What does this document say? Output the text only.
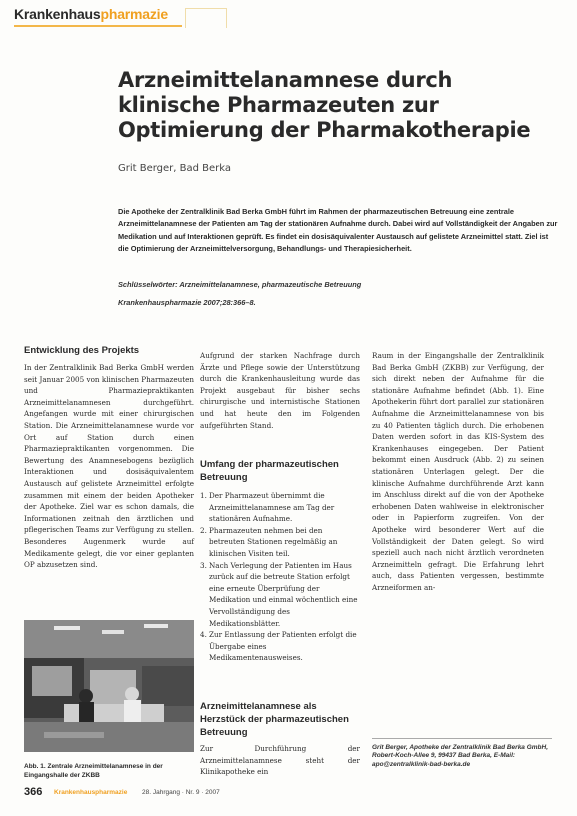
Krankenhauspharmazie
Arzneimittelanamnese durch klinische Pharmazeuten zur Optimierung der Pharmakotherapie
Grit Berger, Bad Berka

Die Apotheke der Zentralklinik Bad Berka GmbH führt im Rahmen der pharmazeutischen Betreuung eine zentrale Arzneimittelanamnese der Patienten am Tag der stationären Aufnahme durch. Dabei wird auf Vollständigkeit der Angaben zur Medikation und auf Interaktionen geprüft. Es findet ein dosisäquivalenter Austausch auf gelistete Arzneimittel statt. Ziel ist die Optimierung der Arzneimittelversorgung, Behandlungs- und Therapiesicherheit.

Schlüsselwörter: Arzneimittelanamnese, pharmazeutische Betreuung

Krankenhauspharmazie 2007;28:366–8.

Entwicklung des Projekts

In der Zentralklinik Bad Berka GmbH werden seit Januar 2005 von klinischen Pharmazeuten und Pharmaziepraktikanten Arzneimittelanamnesen durchgeführt. Angefangen wurde mit einer chirurgischen Station. Die Arzneimittelanamnese wurde vor Ort auf Station durch einen Pharmaziepraktikanten vorgenommen. Die Bewertung des Anamnesebogens bezüglich Interaktionen und dosisäquivalentem Austausch auf gelistete Arzneimittel erfolgte zusammen mit einem der beiden Apotheker der Apotheke. Ziel war es schon damals, die Informationen zeitnah den ärztlichen und pflegerischen Teams zur Verfügung zu stellen. Besonderes Augenmerk wurde auf Medikamente gelegt, die vor einer geplanten OP abzusetzen sind.

Abb. 1. Zentrale Arzneimittelanamnese in der Eingangshalle der ZKBB

Aufgrund der starken Nachfrage durch Ärzte und Pflege sowie der Unterstützung durch die Krankenhausleitung wurde das Projekt ausgebaut für bisher sechs chirurgische und internistische Stationen und hat heute den im Folgenden aufgeführten Stand.

Umfang der pharmazeutischen Betreuung
1. Der Pharmazeut übernimmt die Arzneimittelanamnese am Tag der stationären Aufnahme.
2. Pharmazeuten nehmen bei den betreuten Stationen regelmäßig an klinischen Visiten teil.
3. Nach Verlegung der Patienten im Haus zurück auf die betreute Station erfolgt eine erneute Überprüfung der Medikation und einmal wöchentlich eine Vervollständigung des Medikationsblätter.
4. Zur Entlassung der Patienten erfolgt die Übergabe eines Medikamentenausweises.
Arzneimittelanamnese als Herzstück der pharmazeutischen Betreuung

Zur Durchführung der Arzneimittelanamnese steht der Klinikapotheke ein

Raum in der Eingangshalle der Zentralklinik Bad Berka GmbH (ZKBB) zur Verfügung, der sich direkt neben der Aufnahme für die stationäre Aufnahme befindet (Abb. 1). Eine Apothekerin führt dort parallel zur stationären Aufnahme die Arzneimittelanamnese von bis zu 40 Patienten täglich durch. Die erhobenen Daten werden sofort in das KIS-System des Krankenhauses eingegeben. Der Patient bekommt einen Ausdruck (Abb. 2) zu seinen stationären Unterlagen gelegt. Der die klinische Aufnahme durchführende Arzt kann im Anschluss direkt auf die von der Apotheke erhobenen Daten wahlweise in elektronischer oder in Papierform zugreifen. Von der Apotheke wird besonderer Wert auf die Vollständigkeit der Daten gelegt. So wird speziell auch nach nicht ärztlich verordneten Arzneimitteln gefragt. Die Erfahrung lehrt auch, dass Patienten vergessen, bestimmte Arzneiformen an-

Grit Berger, Apotheke der Zentralklinik Bad Berka GmbH, Robert-Koch-Allee 9, 99437 Bad Berka, E-Mail: apo@zentralklinik-bad-berka.de

366 Krankenhauspharmazie 28. Jahrgang · Nr. 9 · 2007
